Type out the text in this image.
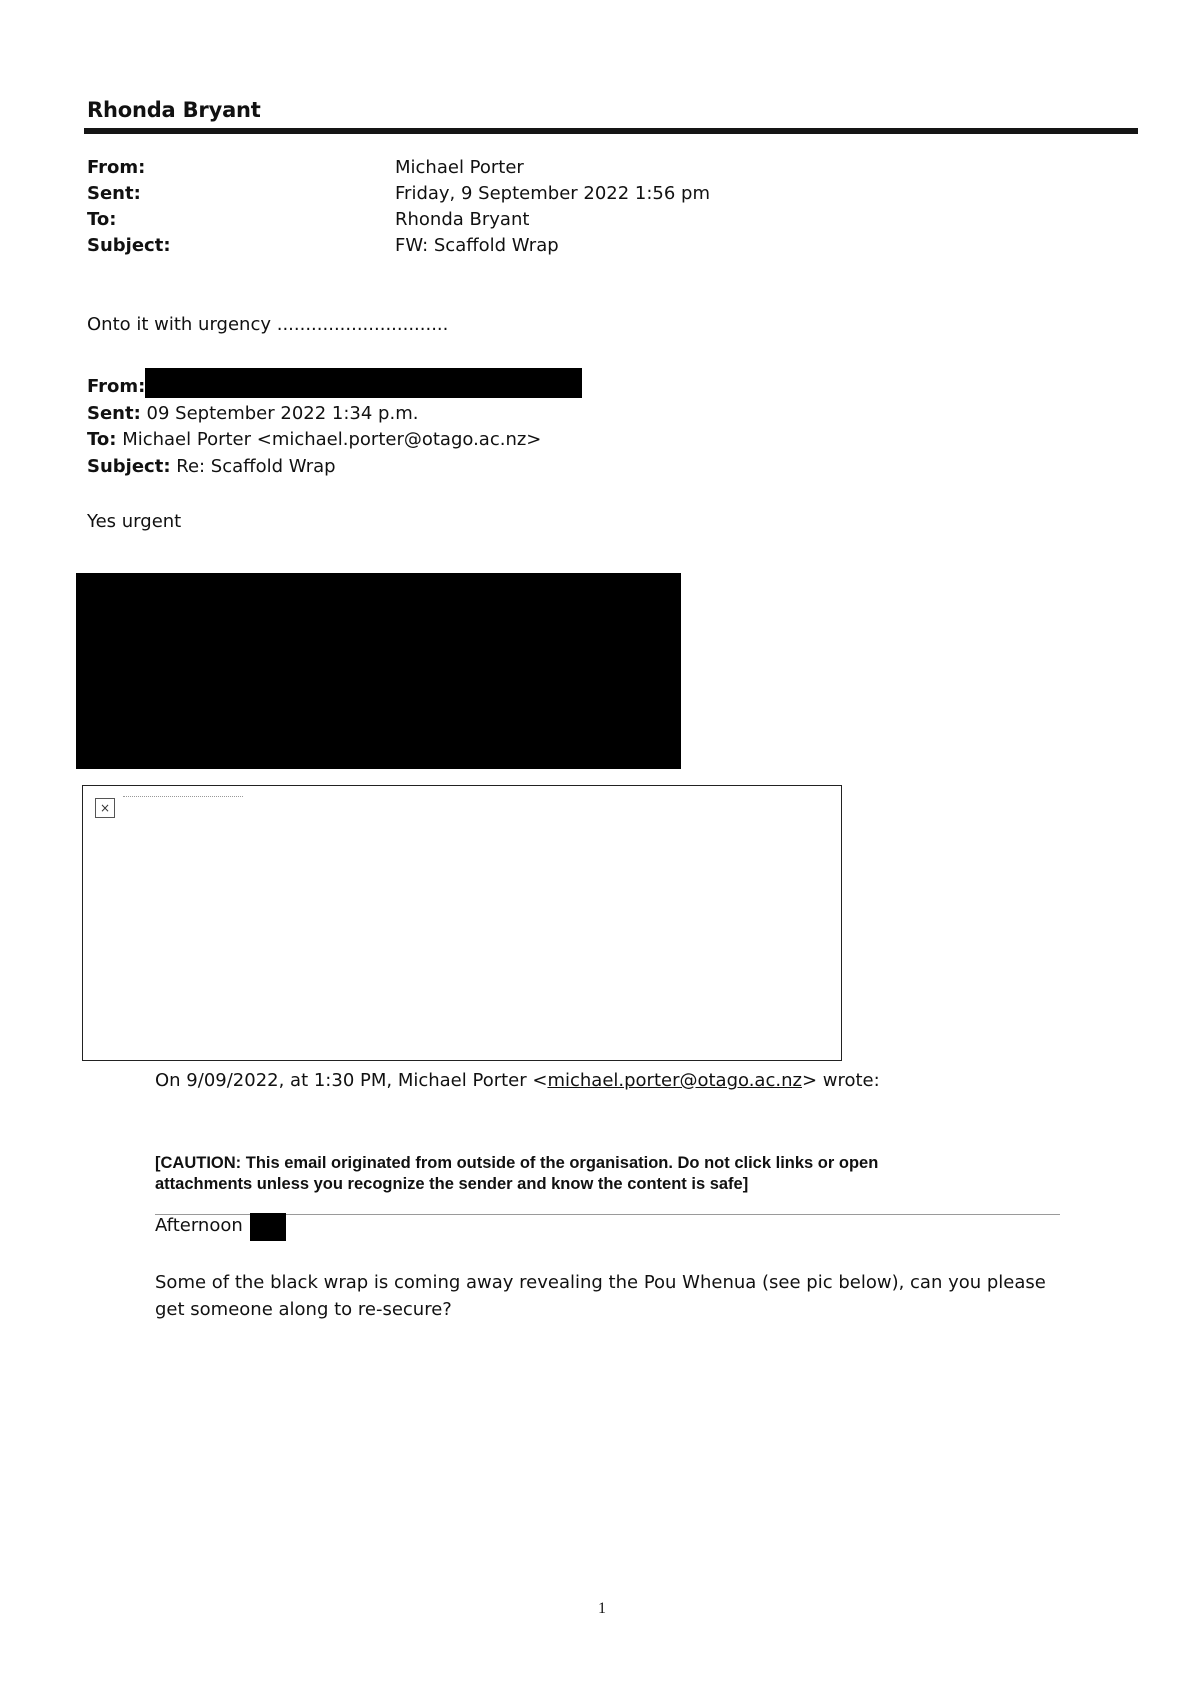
Rhonda Bryant
From:	Michael Porter
Sent:	Friday, 9 September 2022 1:56 pm
To:	Rhonda Bryant
Subject:	FW: Scaffold Wrap
Onto it with urgency ..............................
From:
Sent: 09 September 2022 1:34 p.m.
To: Michael Porter <michael.porter@otago.ac.nz>
Subject: Re: Scaffold Wrap
Yes urgent
×
On 9/09/2022, at 1:30 PM, Michael Porter <michael.porter@otago.ac.nz> wrote:
[CAUTION: This email originated from outside of the organisation. Do not click links or open attachments unless you recognize the sender and know the content is safe]
Afternoon
Some of the black wrap is coming away revealing the Pou Whenua (see pic below), can you please
get someone along to re-secure?
1
